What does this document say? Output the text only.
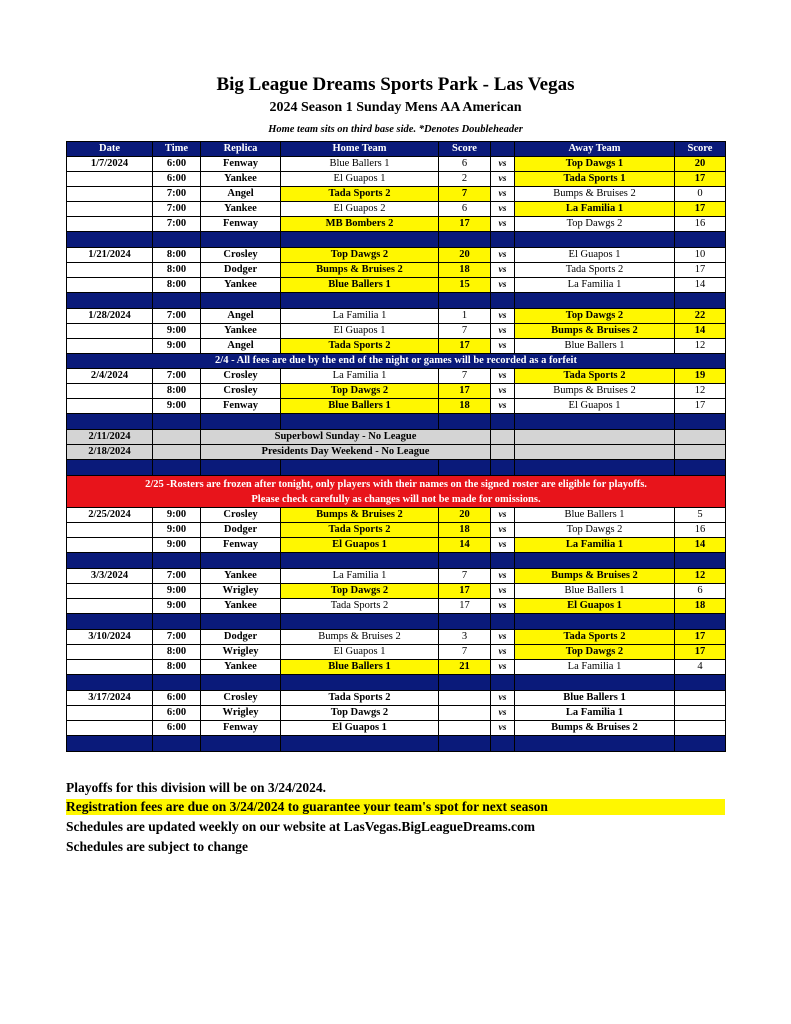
Big League Dreams Sports Park - Las Vegas
2024 Season 1 Sunday Mens AA American
Home team sits on third base side. *Denotes Doubleheader
Date	Time	Replica	Home Team	Score		Away Team	Score
1/7/2024	6:00	Fenway	Blue Ballers 1	6	vs	Top Dawgs 1	20
	6:00	Yankee	El Guapos 1	2	vs	Tada Sports 1	17
	7:00	Angel	Tada Sports 2	7	vs	Bumps & Bruises 2	0
	7:00	Yankee	El Guapos 2	6	vs	La Familia 1	17
	7:00	Fenway	MB Bombers 2	17	vs	Top Dawgs 2	16

1/21/2024	8:00	Crosley	Top Dawgs 2	20	vs	El Guapos 1	10
	8:00	Dodger	Bumps & Bruises 2	18	vs	Tada Sports 2	17
	8:00	Yankee	Blue Ballers 1	15	vs	La Familia 1	14

1/28/2024	7:00	Angel	La Familia 1	1	vs	Top Dawgs 2	22
	9:00	Yankee	El Guapos 1	7	vs	Bumps & Bruises 2	14
	9:00	Angel	Tada Sports 2	17	vs	Blue Ballers 1	12
2/4 - All fees are due by the end of the night or games will be recorded as a forfeit							
2/4/2024	7:00	Crosley	La Familia 1	7	vs	Tada Sports 2	19
	8:00	Crosley	Top Dawgs 2	17	vs	Bumps & Bruises 2	12
	9:00	Fenway	Blue Ballers 1	18	vs	El Guapos 1	17

2/11/2024		Superbowl Sunday - No League					
2/18/2024		Presidents Day Weekend - No League					

2/25 -Rosters are frozen after tonight, only players with their names on the signed roster are eligible for playoffs.
Please check carefully as changes will not be made for omissions.							

2/25/2024	9:00	Crosley	Bumps & Bruises 2	20	vs	Blue Ballers 1	5
	9:00	Dodger	Tada Sports 2	18	vs	Top Dawgs 2	16
	9:00	Fenway	El Guapos 1	14	vs	La Familia 1	14

3/3/2024	7:00	Yankee	La Familia 1	7	vs	Bumps & Bruises 2	12
	9:00	Wrigley	Top Dawgs 2	17	vs	Blue Ballers 1	6
	9:00	Yankee	Tada Sports 2	17	vs	El Guapos 1	18

3/10/2024	7:00	Dodger	Bumps & Bruises 2	3	vs	Tada Sports 2	17
	8:00	Wrigley	El Guapos 1	7	vs	Top Dawgs 2	17
	8:00	Yankee	Blue Ballers 1	21	vs	La Familia 1	4

3/17/2024	6:00	Crosley	Tada Sports 2		vs	Blue Ballers 1	
	6:00	Wrigley	Top Dawgs 2		vs	La Familia 1	
	6:00	Fenway	El Guapos 1		vs	Bumps & Bruises 2	

Playoffs for this division will be on 3/24/2024.
Registration fees are due on 3/24/2024 to guarantee your team's spot for next season
Schedules are updated weekly on our website at LasVegas.BigLeagueDreams.com
Schedules are subject to change
